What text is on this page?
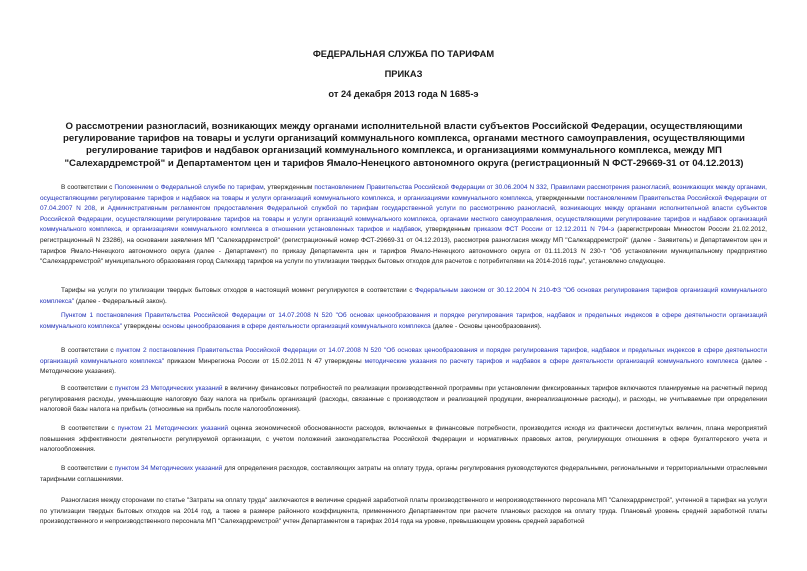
ФЕДЕРАЛЬНАЯ СЛУЖБА ПО ТАРИФАМ

ПРИКАЗ

от 24 декабря 2013 года N 1685-э

О рассмотрении разногласий, возникающих между органами исполнительной власти субъектов Российской Федерации, осуществляющими регулирование тарифов на товары и услуги организаций коммунального комплекса, органами местного самоуправления, осуществляющими регулирование тарифов и надбавок организаций коммунального комплекса, и организациями коммунального комплекса, между МП "Салехардремстрой" и Департаментом цен и тарифов Ямало-Ненецкого автономного округа (регистрационный N ФСТ-29669-31 от 04.12.2013)

В соответствии с Положением о Федеральной службе по тарифам, утвержденным постановлением Правительства Российской Федерации от 30.06.2004 N 332, Правилами рассмотрения разногласий, возникающих между органами, осуществляющими регулирование тарифов и надбавок на товары и услуги организаций коммунального комплекса, и организациями коммунального комплекса, утвержденными постановлением Правительства Российской Федерации от 07.04.2007 N 208, и Административным регламентом предоставления Федеральной службой по тарифам государственной услуги по рассмотрению разногласий, возникающих между органами исполнительной власти субъектов Российской Федерации, осуществляющими регулирование тарифов на товары и услуги организаций коммунального комплекса, органами местного самоуправления, осуществляющими регулирование тарифов и надбавок организаций коммунального комплекса, и организациями коммунального комплекса в отношении установленных тарифов и надбавок, утвержденным приказом ФСТ России от 12.12.2011 N 794-э (зарегистрирован Минюстом России 21.02.2012, регистрационный N 23286), на основании заявления МП "Салехардремстрой" (регистрационный номер ФСТ-29669-31 от 04.12.2013), рассмотрев разногласия между МП "Салехардремстрой" (далее - Заявитель) и Департаментом цен и тарифов Ямало-Ненецкого автономного округа (далее - Департамент) по приказу Департамента цен и тарифов Ямало-Ненецкого автономного округа от 01.11.2013 N 230-т "Об установлении муниципальному предприятию "Салехардремстрой" муниципального образования город Салехард тарифов на услуги по утилизации твердых бытовых отходов для расчетов с потребителями на 2014-2016 годы", установлено следующее.

Тарифы на услуги по утилизации твердых бытовых отходов в настоящий момент регулируются в соответствии с Федеральным законом от 30.12.2004 N 210-ФЗ "Об основах регулирования тарифов организаций коммунального комплекса" (далее - Федеральный закон).

Пунктом 1 постановления Правительства Российской Федерации от 14.07.2008 N 520 "Об основах ценообразования и порядке регулирования тарифов, надбавок и предельных индексов в сфере деятельности организаций коммунального комплекса" утверждены основы ценообразования в сфере деятельности организаций коммунального комплекса (далее - Основы ценообразования).

В соответствии с пунктом 2 постановления Правительства Российской Федерации от 14.07.2008 N 520 "Об основах ценообразования и порядке регулирования тарифов, надбавок и предельных индексов в сфере деятельности организаций коммунального комплекса" приказом Минрегиона России от 15.02.2011 N 47 утверждены методические указания по расчету тарифов и надбавок в сфере деятельности организаций коммунального комплекса (далее - Методические указания).

В соответствии с пунктом 23 Методических указаний в величину финансовых потребностей по реализации производственной программы при установлении фиксированных тарифов включаются планируемые на расчетный период регулирования расходы, уменьшающие налоговую базу налога на прибыль организаций (расходы, связанные с производством и реализацией продукции, внереализационные расходы), и расходы, не учитываемые при определении налоговой базы налога на прибыль (относимые на прибыль после налогообложения).

В соответствии с пунктом 21 Методических указаний оценка экономической обоснованности расходов, включаемых в финансовые потребности, производится исходя из фактически достигнутых величин, плана мероприятий повышения эффективности деятельности регулируемой организации, с учетом положений законодательства Российской Федерации и нормативных правовых актов, регулирующих отношения в сфере бухгалтерского учета и налогообложения.

В соответствии с пунктом 34 Методических указаний для определения расходов, составляющих затраты на оплату труда, органы регулирования руководствуются федеральными, региональными и территориальными отраслевыми тарифными соглашениями.

Разногласия между сторонами по статье "Затраты на оплату труда" заключаются в величине средней заработной платы производственного и непроизводственного персонала МП "Салехардремстрой", учтенной в тарифах на услуги по утилизации твердых бытовых отходов на 2014 год, а также в размере районного коэффициента, примененного Департаментом при расчете плановых расходов на оплату труда. Плановый уровень средней заработной платы производственного и непроизводственного персонала МП "Салехардремстрой" учтен Департаментом в тарифах 2014 года на уровне, превышающем уровень средней заработной
